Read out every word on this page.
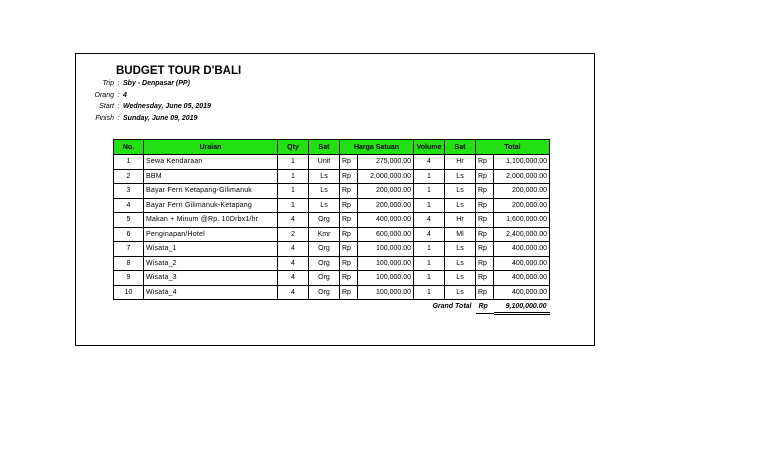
BUDGET TOUR D'BALI
Trip : Sby - Denpasar (PP)
Orang : 4
Start : Wednesday, June 05, 2019
Finish : Sunday, June 09, 2019
No.	Uraian	Qty	Sat	Harga Satuan		Volume	Sat	Total	
1	Sewa Kendaraan	1	Unit	Rp	275,000.00	4	Hr	Rp	1,100,000.00
2	BBM	1	Ls	Rp	2,000,000.00	1	Ls	Rp	2,000,000.00
3	Bayar Ferri Ketapang-Gilimanuk	1	Ls	Rp	200,000.00	1	Ls	Rp	200,000.00
4	Bayar Ferri Gilimanuk-Ketapang	1	Ls	Rp	200,000.00	1	Ls	Rp	200,000.00
5	Makan + Minum @Rp. 10Drbx1/hr	4	Org	Rp	400,000.00	4	Hr	Rp	1,600,000.00
6	Penginapan/Hotel	2	Kmr	Rp	600,000.00	4	Ml	Rp	2,400,000.00
7	Wisata_1	4	Org	Rp	100,000.00	1	Ls	Rp	400,000.00
8	Wisata_2	4	Org	Rp	100,000.00	1	Ls	Rp	400,000.00
9	Wisata_3	4	Org	Rp	100,000.00	1	Ls	Rp	400,000.00
10	Wisata_4	4	Org	Rp	100,000.00	1	Ls	Rp	400,000.00
Grand Total								Rp	9,100,000.00
